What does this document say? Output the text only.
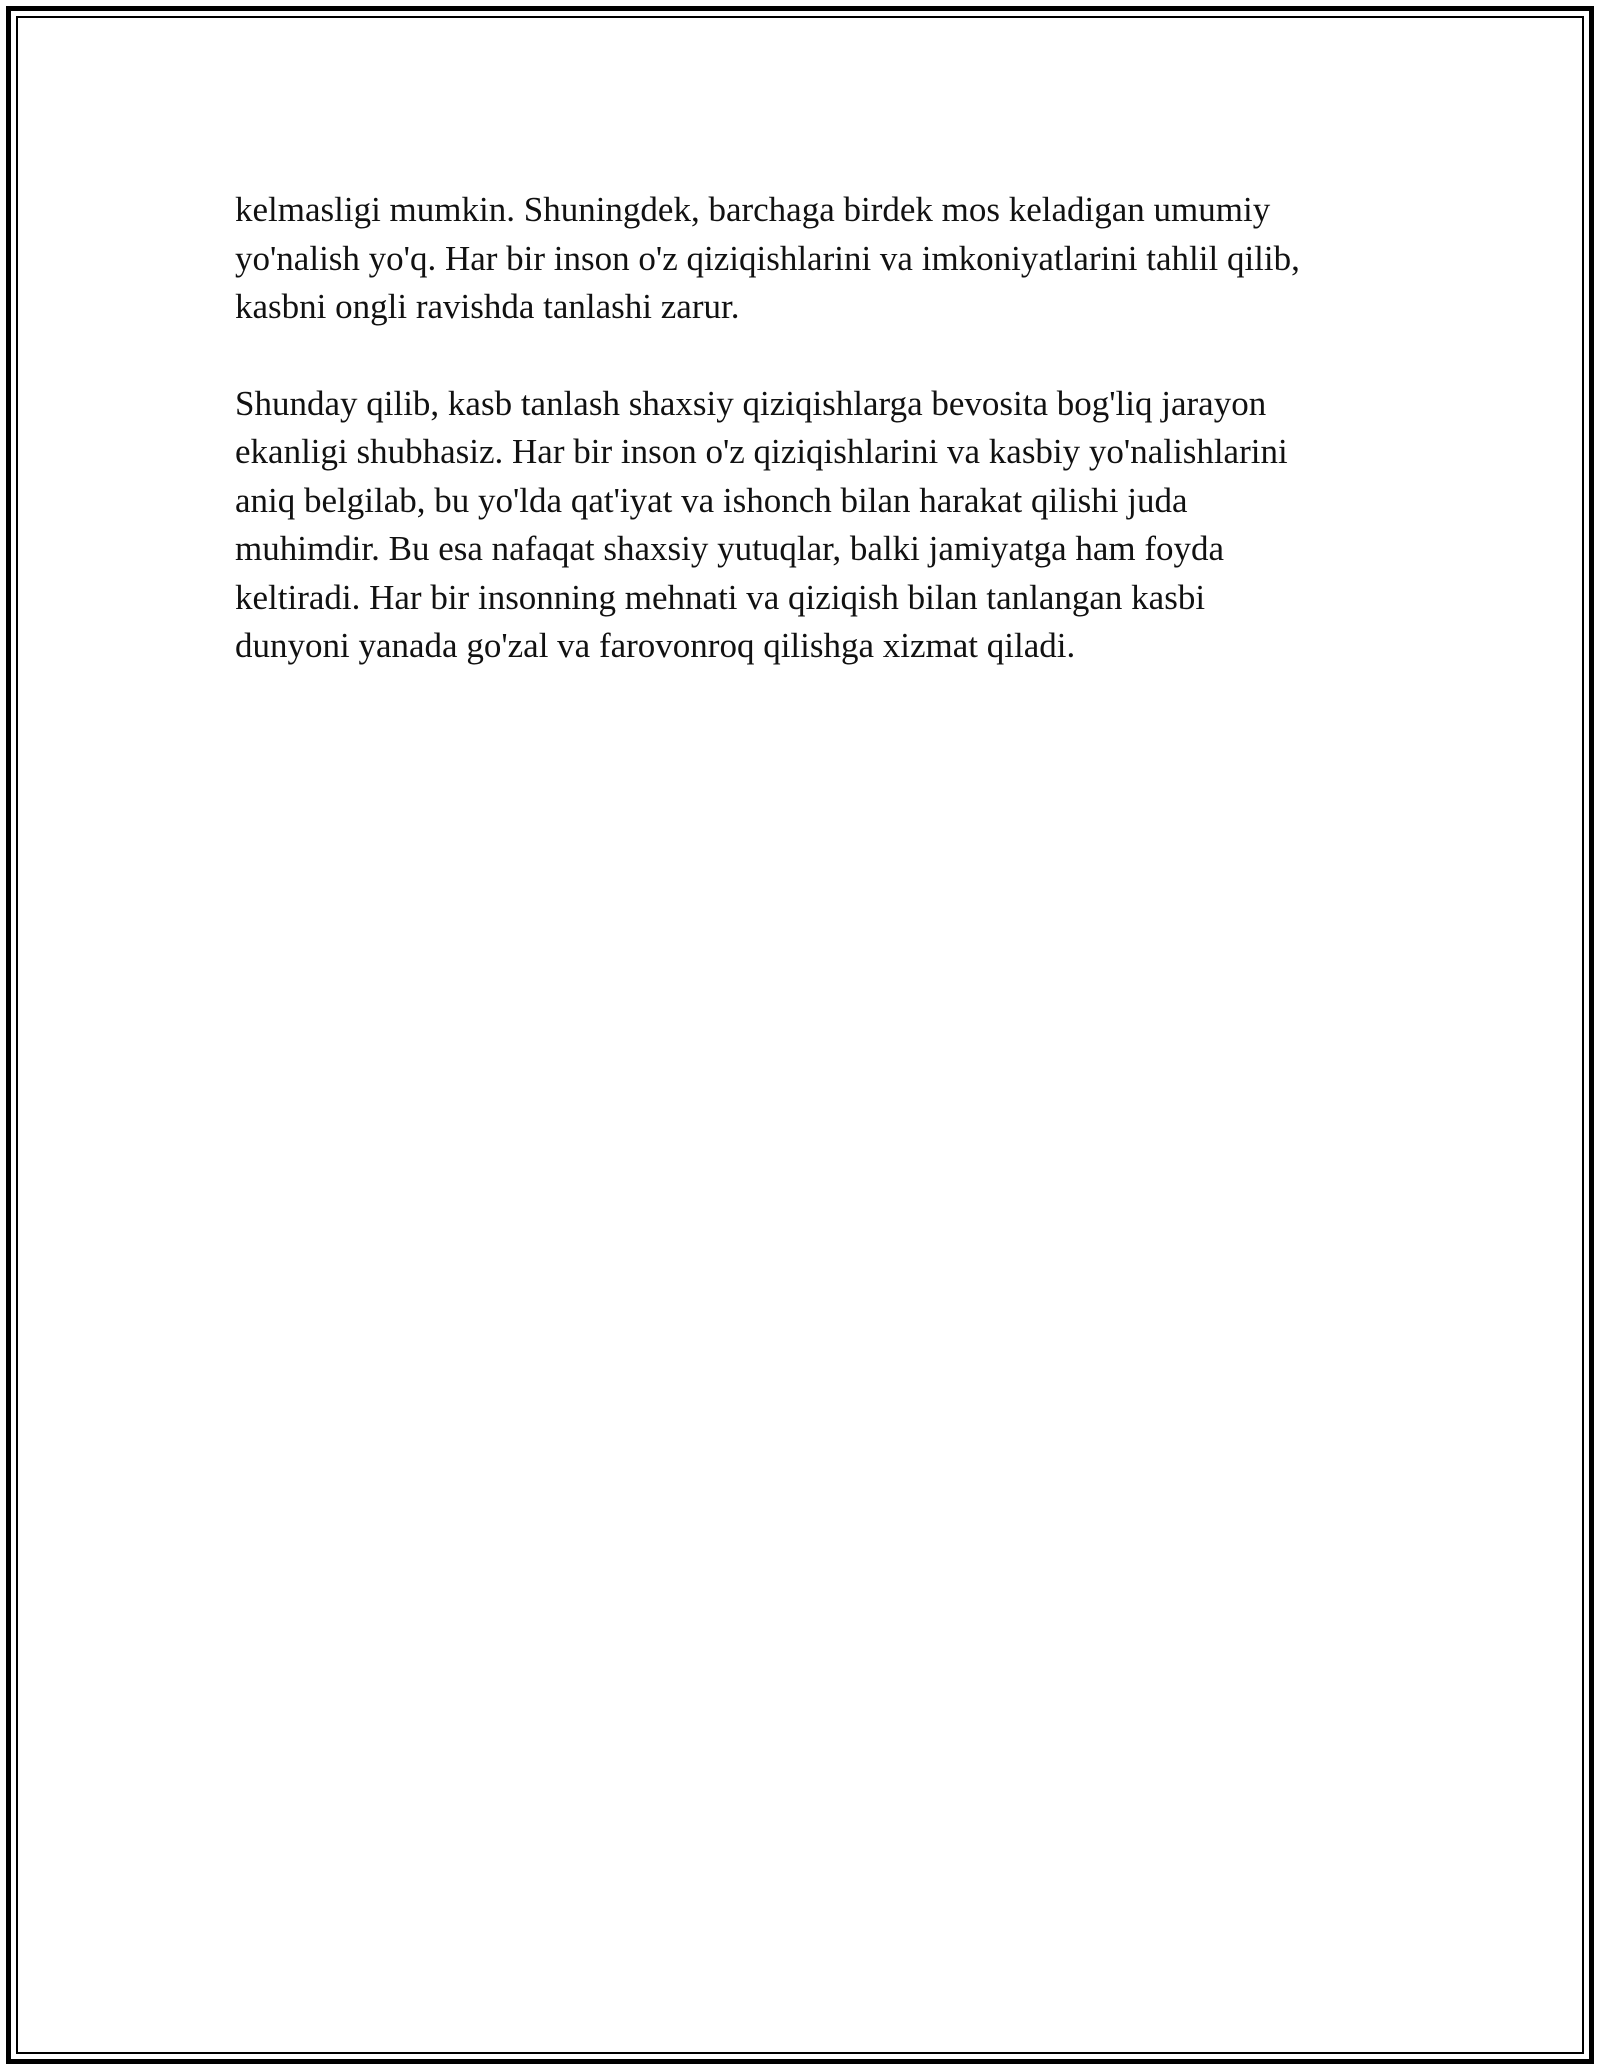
kelmasligi mumkin. Shuningdek, barchaga birdek mos keladigan umumiy
yo'nalish yo'q. Har bir inson o'z qiziqishlarini va imkoniyatlarini tahlil qilib,
kasbni ongli ravishda tanlashi zarur.

Shunday qilib, kasb tanlash shaxsiy qiziqishlarga bevosita bog'liq jarayon
ekanligi shubhasiz. Har bir inson o'z qiziqishlarini va kasbiy yo'nalishlarini
aniq belgilab, bu yo'lda qat'iyat va ishonch bilan harakat qilishi juda
muhimdir. Bu esa nafaqat shaxsiy yutuqlar, balki jamiyatga ham foyda
keltiradi. Har bir insonning mehnati va qiziqish bilan tanlangan kasbi
dunyoni yanada go'zal va farovonroq qilishga xizmat qiladi.
